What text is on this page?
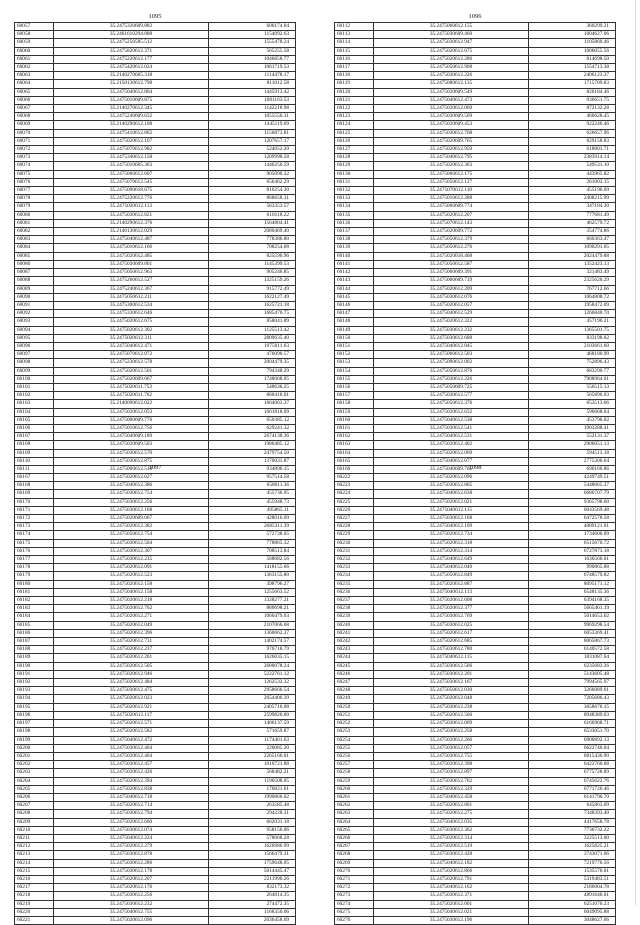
1095
60057	35.2475320609.882	606174.04
60058	35.2461610294.888	1154092.63
60059	35.2475250585.512	1555478.24
60060	35.2475820612.371	565255.58
60061	35.2475220612.177	1046858.77
60062	35.2475420612.024	1061719.53
60063	35.2140270605.318	1114478.17
60064	35.2150130612.798	811012.58
60065	35.2475040612.804	1445913.42
60066	35.2475010609.875	1081163.53
60067	35.2140270612.345	1142218.98
60068	35.2475240609.632	1055556.31
60069	35.2140290612.108	1445119.69
60070	35.2475410612.862	1156873.81
60071	35.2475020612.107	1207657.17
60072	35.2475070612.982	524052.20
60073	35.2475340612.158	1209998.58
60074	35.2475010605.363	1440250.59
60075	35.2475060612.607	905090.32
60076	35.2475070612.545	656462.29
60077	35.2475090618.675	810254.30
60078	35.2475220612.776	868658.31
60079	35.2475020612.113	563353.57
60080	35.2475030612.821	610118.22
60081	35.2140290612.376	1564804.41
60082	35.2140130612.029	2080469.40
60083	35.2475040612.487	778386.80
60084	35.2475010612.166	708254.08
60085	35.2475020612.485	825596.96
60086	35.2475030609.861	1145399.53
60087	35.2475050612.963	905246.85
60088	35.2475260612.527	1325159.26
60089	35.2475240612.367	915772.49
60090	35.2475050612.211	1622127.49
60091	35.2475300612.534	1625721.18
60092	35.2475330612.646	1685476.75
60093	35.2475020612.675	858041.89
60094	35.2475020612.302	1125513.42
60095	35.2475020612.311	2809635.40
60096	35.2475040612.471	1075011.63
60097	35.2475070612.072	476090.57
60098	35.2475230612.578	2004479.35
60099	35.2475020612.501	794348.29
60100	35.2475020609.067	1748068.05
60101	35.2475020611.753	548636.25
60102	35.2475020611.762	860416.01
60103	35.2140090612.022	1664063.37
60104	35.2475020612.053	1661818.09
60105	35.2475060609.776	650385.12
60106	35.2475010612.756	629241.32
60107	35.2475040609.189	2674138.36
60108	35.2475020609.503	1986485.12
60109	35.2475030612.570	2479754.50
60110	35.2475030612.875	1370031.87
60111	35.2475060612.510	934896.15
1096
60112	35.2475060612.155	360299.21
60113	35.2475030609.460	1004627.06
60114	35.2475030612.947	1105860.46
60115	35.2475020612.075	1006055.56
60116	35.2475020612.286	814698.50
60117	35.2475050612.968	1554713.38
60118	35.2475030612.226	2406123.37
60119	35.2475080612.135	1715709.83
60120	35.2475020609.549	826184.46
60121	35.2475040612.473	936651.75
60122	35.2475020612.069	872132.28
60123	35.2475030609.569	466628.45
60124	35.2475020609.453	922246.46
60125	35.2475030612.768	626657.96
60126	35.2475020609.765	829158.83
60127	35.2475020612.959	618801.71
60128	35.2475040612.795	2383914.14
60129	35.2475020612.363	549531.10
60130	35.2475060612.175	443965.82
60131	35.2475050612.127	261003.15
60132	35.2475070612.110	455196.69
60133	35.2475010612.288	2408215.99
60134	35.2475060609.774	347184.30
60135	35.2475020612.207	777681.49
60136	35.2475070612.143	462579.72
60137	35.2475020609.772	354774.86
60138	35.2475050612.379	660363.47
60139	35.2475050612.276	1090291.05
60140	35.2475020618.468	2024479.88
60141	35.2475050612.587	1352423.13
60142	35.2475060609.391	321483.49
60143	35.2475060609.719	2325620.29
60144	35.2475020612.209	767712.66
60145	35.2475030612.076	1064808.72
60146	35.2475020612.057	1958472.09
60147	35.2475040612.529	1266840.70
60148	35.2475020612.322	457196.21
60149	35.2475030612.232	1365501.75
60150	35.2475030612.688	833198.02
60151	35.2475040612.845	2103661.60
60152	35.2475060612.503	468180.99
60153	35.2475090612.002	752896.43
60154	35.2475050612.876	683290.77
60155	35.2475030612.226	7908964.01
60156	35.2475050609.725	556515.13
60157	35.2475030612.577	565896.03
60158	35.2475050612.376	653513.66
60159	35.2475020612.632	596668.64
60160	35.2475040612.538	453796.02
60161	35.2475030612.541	1903288.41
60162	35.2475040612.531	552131.37
60163	35.2475020612.462	2906051.13
60164	35.2475020612.069	594513.18
60165	35.2475040612.077	2775306.64
60166	35.2475040609.765	696160.86
1097
60167	35.2475020612.627	957514.58
60168	35.2475040612.386	658011.36
60169	35.2475030612.754	455736.95
60170	35.2475030612.256	455948.73
60171	35.2475030612.168	495865.11
60172	35.2475020609.067	428016.09
60173	35.2475020612.382	2685311.39
60174	35.2475050612.754	572738.65
60175	35.2475030612.504	778865.32
60176	35.2475030612.307	708513.84
60177	35.2475030612.235	568682.56
60178	35.2475020612.091	1418155.66
60179	35.2475020612.523	1363155.80
60180	35.2475020612.158	398796.27
60181	35.2475040612.158	1255663.52
60182	35.2475020612.218	1328277.21
60183	35.2475020612.762	880698.21
60184	35.2475020612.271	1060479.03
60185	35.2475020612.049	2107066.68
60186	35.2475020612.396	1360662.37
60187	35.2475020612.731	1402174.57
60188	35.2475020612.237	976718.79
60189	35.2475020612.201	1626035.15
60190	35.2475020612.505	2680078.24
60191	35.2475020612.946	5222761.12
60192	35.2475020612.484	1262532.32
60193	35.2475030612.475	2958666.54
60194	35.2475020612.023	2654406.39
60195	35.2475020612.921	2405716.08
60196	35.2475020612.117	2599826.00
60197	35.2475020612.571	1406137.59
60198	35.2475020612.582	571659.87
60199	35.2475040612.472	1174461.63
60200	35.2475030612.404	226085.30
60201	35.2475020612.404	2265166.01
60202	35.2475030612.457	1010721.88
60203	35.2475020612.426	568482.21
60204	35.2475020612.394	1196508.05
60205	35.2475020612.838	176821.61
60206	35.2475040612.718	1990866.02
60207	35.2475020612.714	263585.48
60208	35.2475030612.794	294228.31
60209	35.2475020612.660	662031.18
60210	35.2475030612.074	958156.06
60211	35.2475040612.224	578068.28
60212	35.2475020612.279	1626986.99
60213	35.2475030612.878	1566479.31
60214	35.2475030612.286	1759648.05
60215	35.2475030612.178	5014445.47
60216	35.2475020612.207	2211996.26
60217	35.2475020612.176	832173.32
60218	35.2475030612.256	264814.35
60219	35.2475030612.232	274472.35
60220	35.2475040612.755	1168350.06
60221	35.2475020612.096	2036458.69
1098
60222	35.2475020612.096	4249749.51
60223	35.2475030612.805	5448065.37
60224	35.2475040612.638	6686707.79
60225	35.2475020612.021	9365798.60
60226	35.2475040612.115	6043569.48
60227	35.2475030612.168	6472578.58
60228	35.2475040612.109	4089121.01
60229	35.2475020612.734	1734600.09
60230	35.2475020612.318	6515670.72
60231	35.2475020612.314	6727873.18
60232	35.2475040612.649	1636566.01
60233	35.2475040612.040	990865.88
60234	35.2475050612.849	6748579.82
60235	35.2475020612.887	8095171.12
60236	35.2475040612.113	6548135.36
60237	35.2475020612.608	6394168.35
60238	35.2475020612.377	5665461.19
60239	35.2475030612.769	5014653.02
60240	35.2475030612.025	9969298.54
60241	35.2475020612.617	6053369.41
60242	35.2475020612.685	8065867.73
60243	35.2475030612.780	6140572.58
60244	35.2475040612.115	1831087.64
60245	35.2475030612.566	6235683.26
60246	35.2475030612.201	5143605.48
60247	35.2475030612.167	7994565.97
60248	35.2475050612.030	3266089.01
60249	35.2475020612.048	7205686.43
60250	35.2475030612.238	3658676.15
60251	35.2475020612.566	8948389.03
60252	35.2475030612.069	6166968.71
60253	35.2475030612.258	6533051.70
60254	35.2475020612.266	6900892.13
60255	35.2475030612.057	6622746.04
60256	35.2475030612.755	6815436.90
60257	35.2475020612.398	6422760.68
60258	35.2475030612.897	6775728.89
60259	35.2475030612.762	6745622.76
60260	35.2475030612.329	6771726.46
60261	35.2475040612.458	6141796.70
60262	35.2475020612.801	645863.09
60263	35.2475020612.275	7348393.40
60264	35.2475040612.035	4417658.78
60265	35.2475030612.362	7736732.22
60266	35.2475020612.314	3225513.00
60267	35.2475020612.519	1625825.21
60268	35.2475030612.428	3743071.06
60269	35.2475040612.182	7219776.56
60270	35.2475020612.866	1535576.01
60271	35.2475020612.791	5319483.51
60272	35.2475040612.162	2186004.78
60273	35.2475030612.371	4891646.01
60274	35.2475020612.001	6251070.23
60275	35.2475040612.021	6049095.88
60276	35.2475030612.196	3048627.06
